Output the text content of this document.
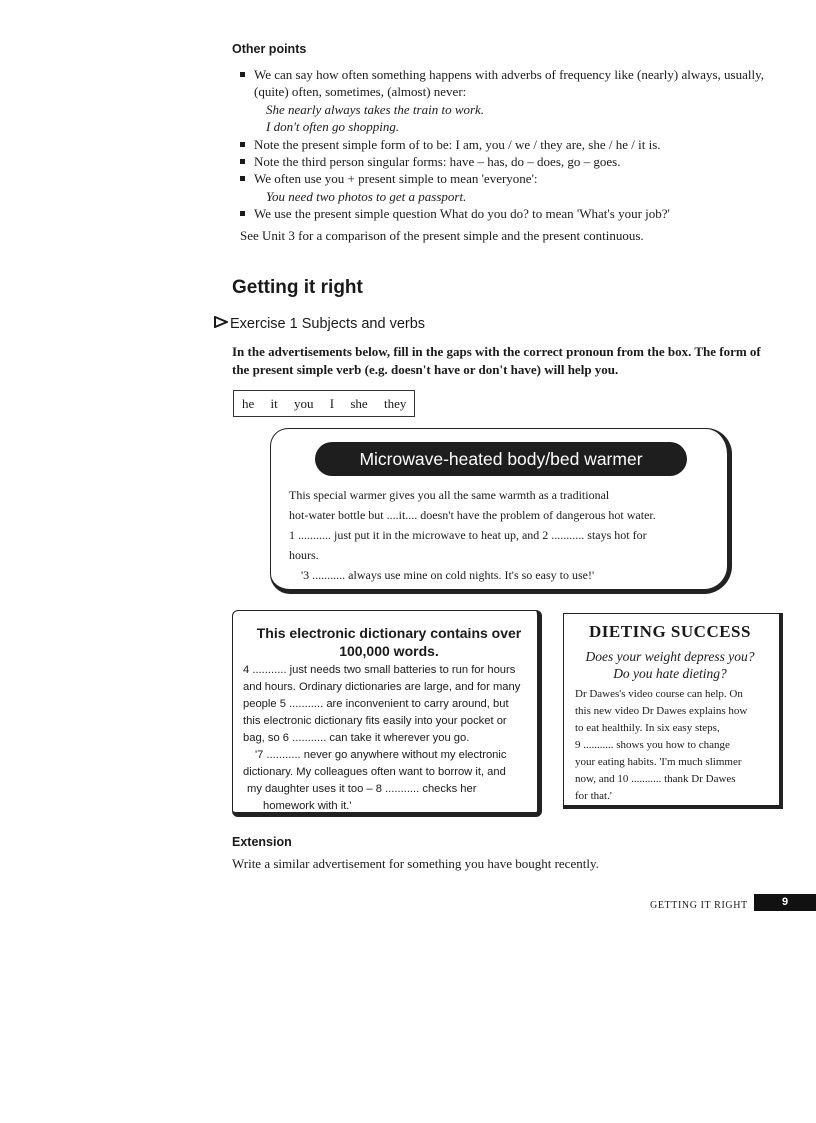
Other points
We can say how often something happens with adverbs of frequency like (nearly) always, usually, (quite) often, sometimes, (almost) never:
She nearly always takes the train to work.
I don't often go shopping.
Note the present simple form of to be: I am, you / we / they are, she / he / it is.
Note the third person singular forms: have – has, do – does, go – goes.
We often use you + present simple to mean 'everyone':
You need two photos to get a passport.
We use the present simple question What do you do? to mean 'What's your job?'
See Unit 3 for a comparison of the present simple and the present continuous.
Getting it right
Exercise 1 Subjects and verbs
In the advertisements below, fill in the gaps with the correct pronoun from the box. The form of the present simple verb (e.g. doesn't have or don't have) will help you.
he it you I she they
Microwave-heated body/bed warmer

This special warmer gives you all the same warmth as a traditional

hot-water bottle but ....it.... doesn't have the problem of dangerous hot water.

1 ........... just put it in the microwave to heat up, and 2 ........... stays hot for

hours.

'3 ........... always use mine on cold nights. It's so easy to use!'

This electronic dictionary contains over 100,000 words.

4 ........... just needs two small batteries to run for hours

and hours. Ordinary dictionaries are large, and for many

people 5 ........... are inconvenient to carry around, but

this electronic dictionary fits easily into your pocket or

bag, so 6 ........... can take it wherever you go.

'7 ........... never go anywhere without my electronic

dictionary. My colleagues often want to borrow it, and

my daughter uses it too – 8 ........... checks her

homework with it.'

DIETING SUCCESS
Does your weight depress you?
Do you hate dieting?

Dr Dawes's video course can help. On

this new video Dr Dawes explains how

to eat healthily. In six easy steps,

9 ........... shows you how to change

your eating habits. 'I'm much slimmer

now, and 10 ........... thank Dr Dawes

for that.'

Extension
Write a similar advertisement for something you have bought recently.
GETTING IT RIGHT	9
